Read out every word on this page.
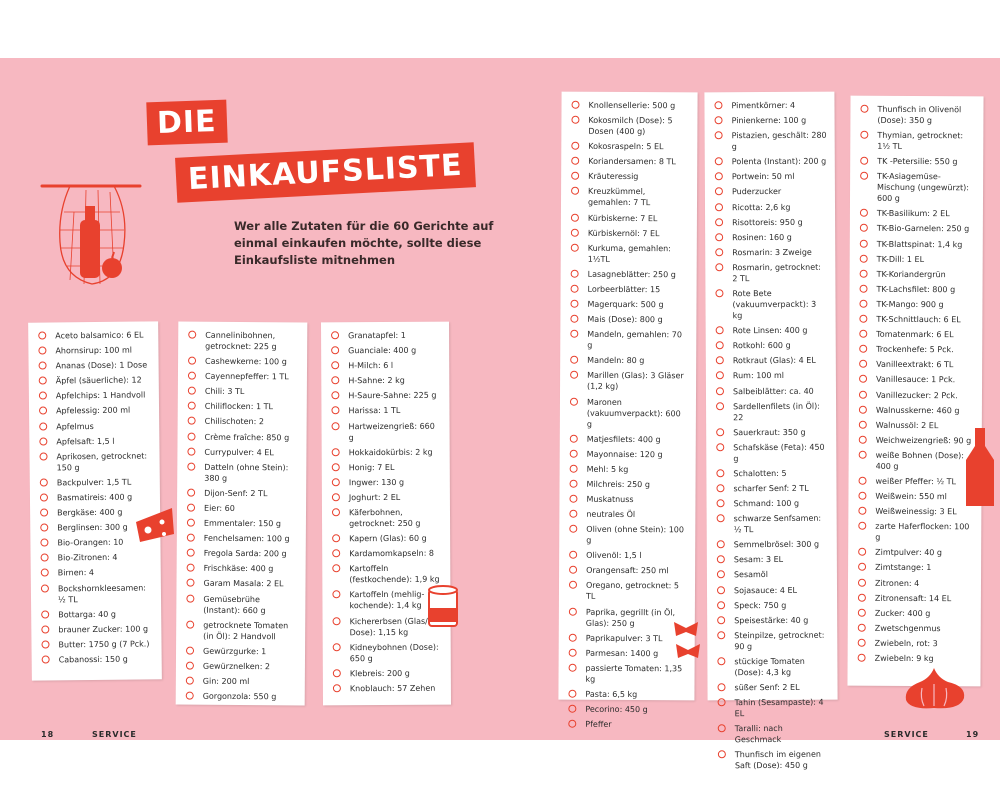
DIE
EINKAUFSLISTE
Wer alle Zutaten für die 60 Gerichte auf einmal einkaufen möchte, sollte diese Einkaufsliste mitnehmen
Aceto balsamico: 6 EL
Ahornsirup: 100 ml
Ananas (Dose): 1 Dose
Äpfel (säuerliche): 12
Apfelchips: 1 Handvoll
Apfelessig: 200 ml
Apfelmus
Apfelsaft: 1,5 l
Aprikosen, getrocknet: 150 g
Backpulver: 1,5 TL
Basmatireis: 400 g
Bergkäse: 400 g
Berglinsen: 300 g
Bio-Orangen: 10
Bio-Zitronen: 4
Birnen: 4
Bockshornkleesamen: ½ TL
Bottarga: 40 g
brauner Zucker: 100 g
Butter: 1750 g (7 Pck.)
Cabanossi: 150 g
Cannelinibohnen, getrocknet: 225 g
Cashewkerne: 100 g
Cayennepfeffer: 1 TL
Chili: 3 TL
Chiliflocken: 1 TL
Chilischoten: 2
Crème fraîche: 850 g
Currypulver: 4 EL
Datteln (ohne Stein): 380 g
Dijon-Senf: 2 TL
Eier: 60
Emmentaler: 150 g
Fenchelsamen: 100 g
Fregola Sarda: 200 g
Frischkäse: 400 g
Garam Masala: 2 EL
Gemüsebrühe (Instant): 660 g
getrocknete Tomaten (in Öl): 2 Handvoll
Gewürzgurke: 1
Gewürznelken: 2
Gin: 200 ml
Gorgonzola: 550 g
Granatapfel: 1
Guanciale: 400 g
H-Milch: 6 l
H-Sahne: 2 kg
H-Saure-Sahne: 225 g
Harissa: 1 TL
Hartweizengrieß: 660 g
Hokkaidokürbis: 2 kg
Honig: 7 EL
Ingwer: 130 g
Joghurt: 2 EL
Käferbohnen, getrocknet: 250 g
Kapern (Glas): 60 g
Kardamomkapseln: 8
Kartoffeln (festkochende): 1,9 kg
Kartoffeln (mehlig-kochende): 1,4 kg
Kichererbsen (Glas/ Dose): 1,15 kg
Kidneybohnen (Dose): 650 g
Klebreis: 200 g
Knoblauch: 57 Zehen
Knollensellerie: 500 g
Kokosmilch (Dose): 5 Dosen (400 g)
Kokosraspeln: 5 EL
Koriandersamen: 8 TL
Kräuteressig
Kreuzkümmel, gemahlen: 7 TL
Kürbiskerne: 7 EL
Kürbiskernöl: 7 EL
Kurkuma, gemahlen: 1½TL
Lasagneblätter: 250 g
Lorbeerblätter: 15
Magerquark: 500 g
Mais (Dose): 800 g
Mandeln, gemahlen: 70 g
Mandeln: 80 g
Marillen (Glas): 3 Gläser (1,2 kg)
Maronen (vakuumverpackt): 600 g
Matjesfilets: 400 g
Mayonnaise: 120 g
Mehl: 5 kg
Milchreis: 250 g
Muskatnuss
neutrales Öl
Oliven (ohne Stein): 100 g
Olivenöl: 1,5 l
Orangensaft: 250 ml
Oregano, getrocknet: 5 TL
Paprika, gegrillt (in Öl, Glas): 250 g
Paprikapulver: 3 TL
Parmesan: 1400 g
passierte Tomaten: 1,35 kg
Pasta: 6,5 kg
Pecorino: 450 g
Pfeffer
Pimentkörner: 4
Pinienkerne: 100 g
Pistazien, geschält: 280 g
Polenta (Instant): 200 g
Portwein: 50 ml
Puderzucker
Ricotta: 2,6 kg
Risottoreis: 950 g
Rosinen: 160 g
Rosmarin: 3 Zweige
Rosmarin, getrocknet: 2 TL
Rote Bete (vakuumverpackt): 3 kg
Rote Linsen: 400 g
Rotkohl: 600 g
Rotkraut (Glas): 4 EL
Rum: 100 ml
Salbeiblätter: ca. 40
Sardellenfilets (in Öl): 22
Sauerkraut: 350 g
Schafskäse (Feta): 450 g
Schalotten: 5
scharfer Senf: 2 TL
Schmand: 100 g
schwarze Senfsamen: ½ TL
Semmelbrösel: 300 g
Sesam: 3 EL
Sesamöl
Sojasauce: 4 EL
Speck: 750 g
Speisestärke: 40 g
Steinpilze, getrocknet: 90 g
stückige Tomaten (Dose): 4,3 kg
süßer Senf: 2 EL
Tahin (Sesampaste): 4 EL
Taralli: nach Geschmack
Thunfisch im eigenen Saft (Dose): 450 g
Thunfisch in Olivenöl (Dose): 350 g
Thymian, getrocknet: 1½ TL
TK -Petersilie: 550 g
TK-Asiagemüse-Mischung (ungewürzt): 600 g
TK-Basilikum: 2 EL
TK-Bio-Garnelen: 250 g
TK-Blattspinat: 1,4 kg
TK-Dill: 1 EL
TK-Koriandergrün
TK-Lachsfilet: 800 g
TK-Mango: 900 g
TK-Schnittlauch: 6 EL
Tomatenmark: 6 EL
Trockenhefe: 5 Pck.
Vanilleextrakt: 6 TL
Vanillesauce: 1 Pck.
Vanillezucker: 2 Pck.
Walnusskerne: 460 g
Walnussöl: 2 EL
Weichweizengrieß: 90 g
weiße Bohnen (Dose): 400 g
weißer Pfeffer: ½ TL
Weißwein: 550 ml
Weißweinessig: 3 EL
zarte Haferflocken: 100 g
Zimtpulver: 40 g
Zimtstange: 1
Zitronen: 4
Zitronensaft: 14 EL
Zucker: 400 g
Zwetschgenmus
Zwiebeln, rot: 3
Zwiebeln: 9 kg
18	SERVICE	SERVICE	19
